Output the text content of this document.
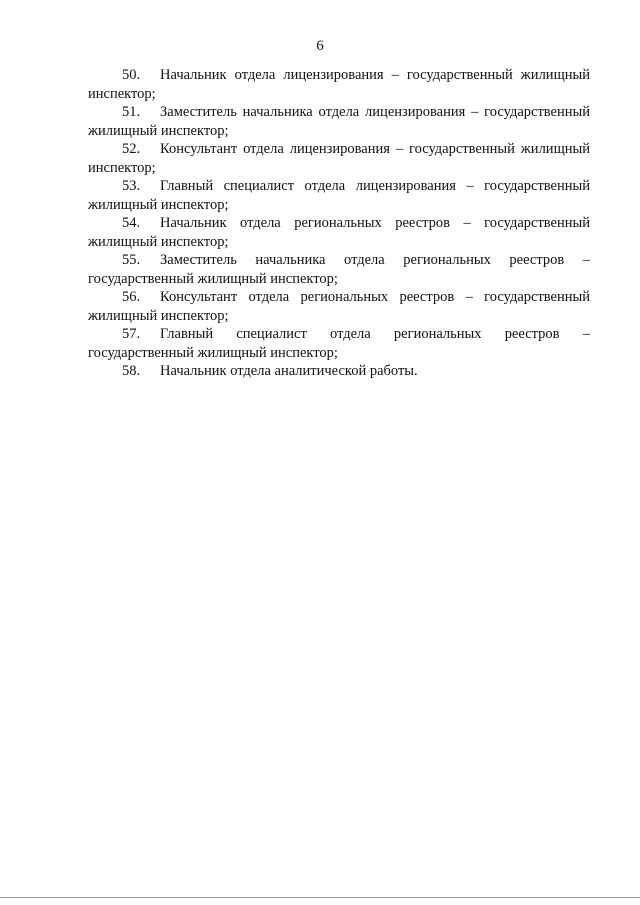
6

50. Начальник отдела лицензирования – государственный жилищный инспектор;

51. Заместитель начальника отдела лицензирования – государственный жилищный инспектор;

52. Консультант отдела лицензирования – государственный жилищный инспектор;

53. Главный специалист отдела лицензирования – государственный жилищный инспектор;

54. Начальник отдела региональных реестров – государственный жилищный инспектор;

55. Заместитель начальника отдела региональных реестров – государственный жилищный инспектор;

56. Консультант отдела региональных реестров – государственный жилищный инспектор;

57. Главный специалист отдела региональных реестров – государственный жилищный инспектор;

58. Начальник отдела аналитической работы.
